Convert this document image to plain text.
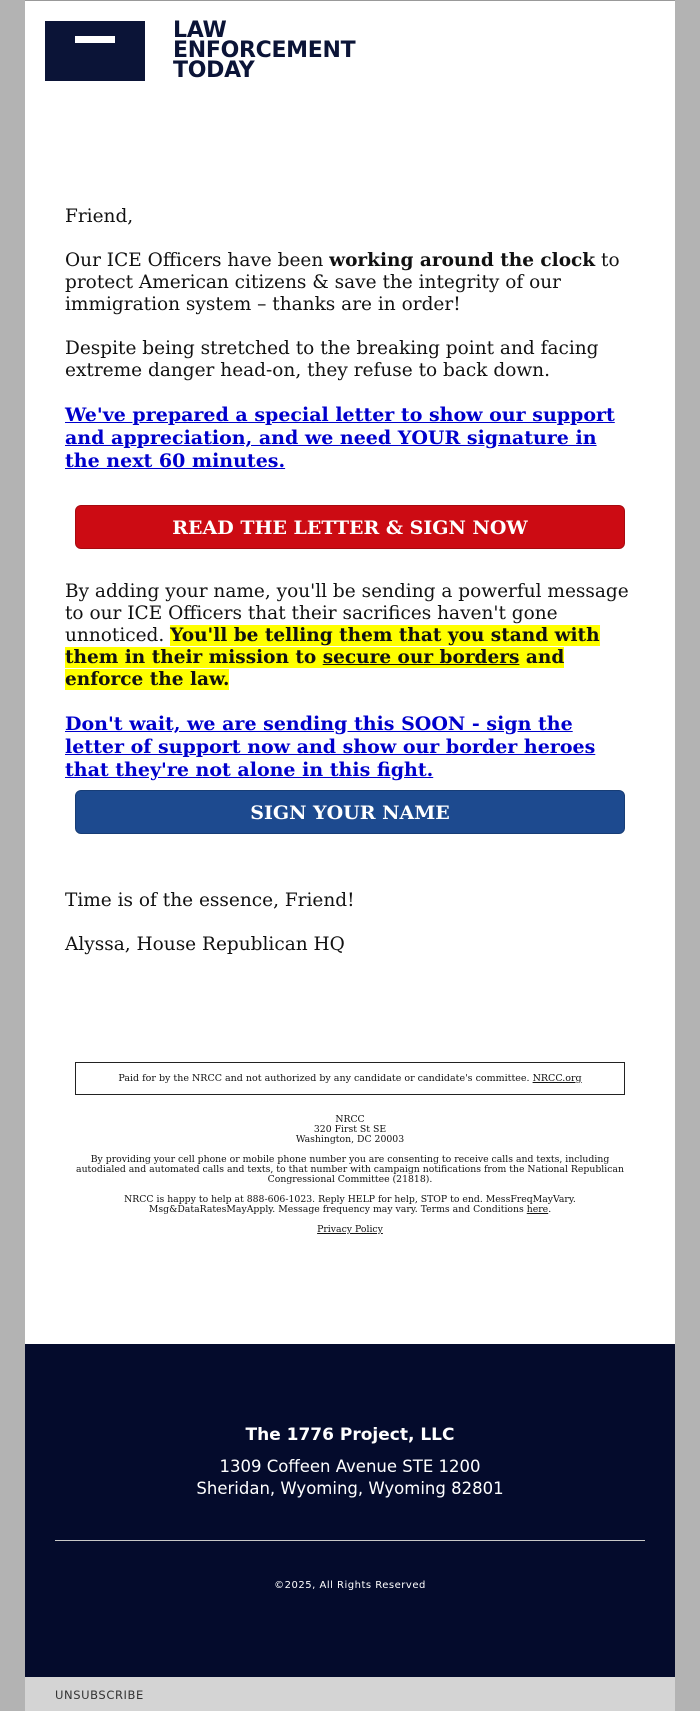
LAW
ENFORCEMENT
TODAY

Friend,

Our ICE Officers have been working around the clock to protect American citizens & save the integrity of our immigration system – thanks are in order!

Despite being stretched to the breaking point and facing extreme danger head-on, they refuse to back down.

We've prepared a special letter to show our support and appreciation, and we need YOUR signature in the next 60 minutes.

By adding your name, you'll be sending a powerful message to our ICE Officers that their sacrifices haven't gone unnoticed. You'll be telling them that you stand with them in their mission to secure our borders and enforce the law.

Don't wait, we are sending this SOON - sign the letter of support now and show our border heroes that they're not alone in this fight.

Time is of the essence, Friend!

Alyssa, House Republican HQ

READ THE LETTER & SIGN NOW
SIGN YOUR NAME
Paid for by the NRCC and not authorized by any candidate or candidate's committee. NRCC.org

NRCC
320 First St SE
Washington, DC 20003

By providing your cell phone or mobile phone number you are consenting to receive calls and texts, including autodialed and automated calls and texts, to that number with campaign notifications from the National Republican Congressional Committee (21818).

NRCC is happy to help at 888-606-1023. Reply HELP for help, STOP to end. MessFreqMayVary. Msg&DataRatesMayApply. Message frequency may vary. Terms and Conditions here.

Privacy Policy

The 1776 Project, LLC
1309 Coffeen Avenue STE 1200
Sheridan, Wyoming, Wyoming 82801
©2025, All Rights Reserved
UNSUBSCRIBE
